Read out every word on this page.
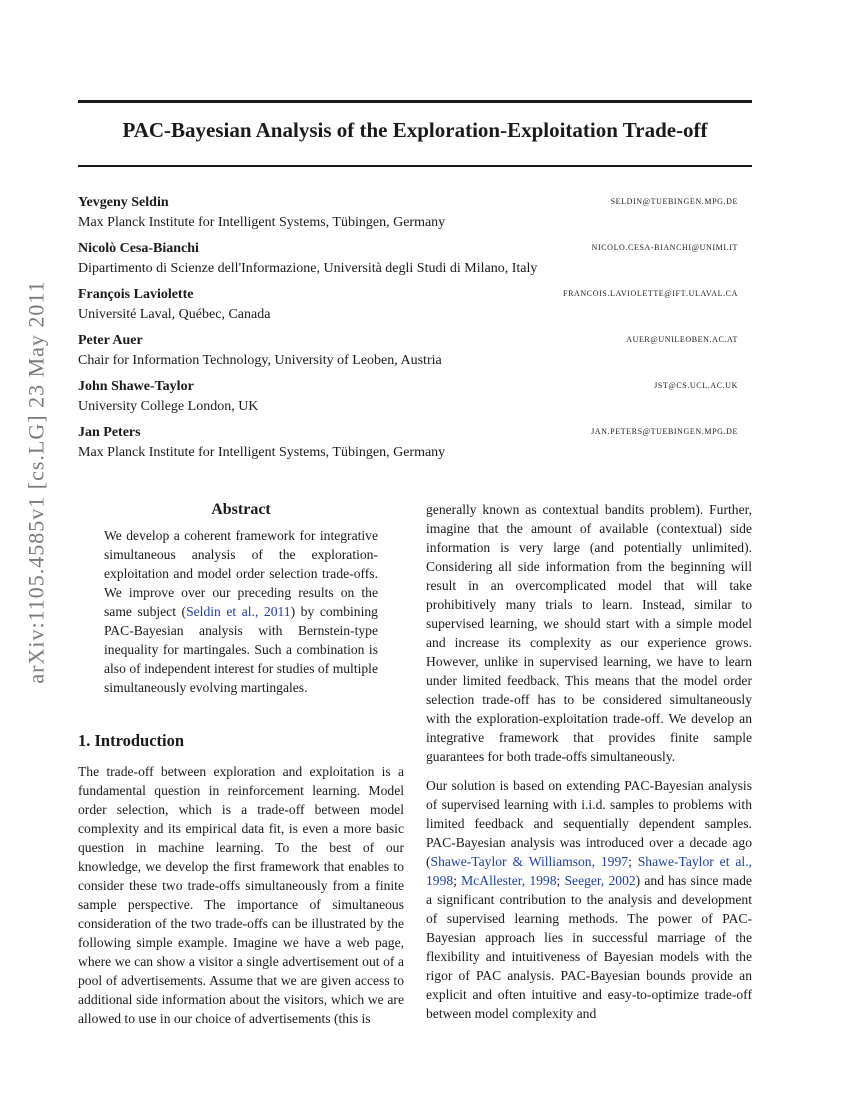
arXiv:1105.4585v1 [cs.LG] 23 May 2011
PAC-Bayesian Analysis of the Exploration-Exploitation Trade-off
Yevgeny Seldin	seldin@tuebingen.mpg.de
Max Planck Institute for Intelligent Systems, Tübingen, Germany
Nicolò Cesa-Bianchi	nicolo.cesa-bianchi@unimi.it
Dipartimento di Scienze dell'Informazione, Università degli Studi di Milano, Italy
François Laviolette	francois.laviolette@ift.ulaval.ca
Université Laval, Québec, Canada
Peter Auer	auer@unileoben.ac.at
Chair for Information Technology, University of Leoben, Austria
John Shawe-Taylor	jst@cs.ucl.ac.uk
University College London, UK
Jan Peters	jan.peters@tuebingen.mpg.de
Max Planck Institute for Intelligent Systems, Tübingen, Germany
Abstract
We develop a coherent framework for integrative simultaneous analysis of the exploration-exploitation and model order selection trade-offs. We improve over our preceding results on the same subject (Seldin et al., 2011) by combining PAC-Bayesian analysis with Bernstein-type inequality for martingales. Such a combination is also of independent interest for studies of multiple simultaneously evolving martingales.
1. Introduction

The trade-off between exploration and exploitation is a fundamental question in reinforcement learning. Model order selection, which is a trade-off between model complexity and its empirical data fit, is even a more basic question in machine learning. To the best of our knowledge, we develop the first framework that enables to consider these two trade-offs simultaneously from a finite sample perspective. The importance of simultaneous consideration of the two trade-offs can be illustrated by the following simple example. Imagine we have a web page, where we can show a visitor a single advertisement out of a pool of advertisements. Assume that we are given access to additional side information about the visitors, which we are allowed to use in our choice of advertisements (this is

generally known as contextual bandits problem). Further, imagine that the amount of available (contextual) side information is very large (and potentially unlimited). Considering all side information from the beginning will result in an overcomplicated model that will take prohibitively many trials to learn. Instead, similar to supervised learning, we should start with a simple model and increase its complexity as our experience grows. However, unlike in supervised learning, we have to learn under limited feedback. This means that the model order selection trade-off has to be considered simultaneously with the exploration-exploitation trade-off. We develop an integrative framework that provides finite sample guarantees for both trade-offs simultaneously.

Our solution is based on extending PAC-Bayesian analysis of supervised learning with i.i.d. samples to problems with limited feedback and sequentially dependent samples. PAC-Bayesian analysis was introduced over a decade ago (Shawe-Taylor & Williamson, 1997; Shawe-Taylor et al., 1998; McAllester, 1998; Seeger, 2002) and has since made a significant contribution to the analysis and development of supervised learning methods. The power of PAC-Bayesian approach lies in successful marriage of the flexibility and intuitiveness of Bayesian models with the rigor of PAC analysis. PAC-Bayesian bounds provide an explicit and often intuitive and easy-to-optimize trade-off between model complexity and
